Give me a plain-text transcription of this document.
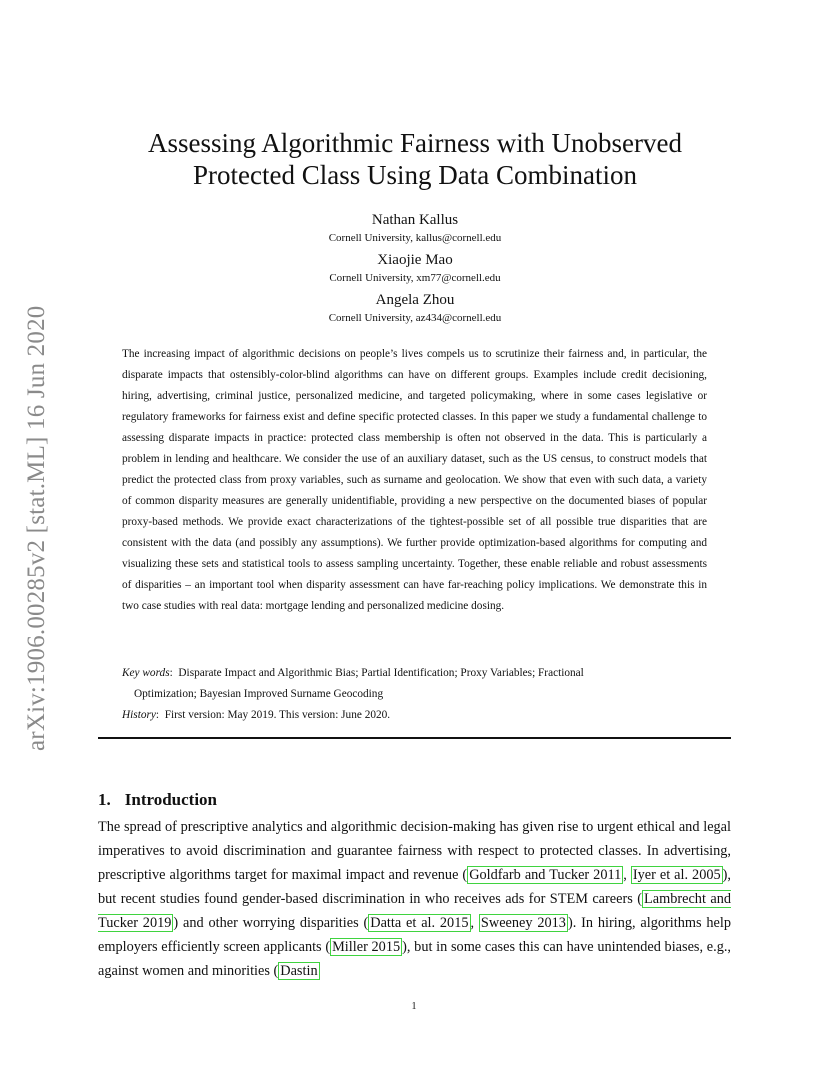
arXiv:1906.00285v2 [stat.ML] 16 Jun 2020
Assessing Algorithmic Fairness with Unobserved
Protected Class Using Data Combination
Nathan Kallus
Cornell University, kallus@cornell.edu
Xiaojie Mao
Cornell University, xm77@cornell.edu
Angela Zhou
Cornell University, az434@cornell.edu

The increasing impact of algorithmic decisions on people’s lives compels us to scrutinize their fairness and, in particular, the disparate impacts that ostensibly-color-blind algorithms can have on different groups. Examples include credit decisioning, hiring, advertising, criminal justice, personalized medicine, and targeted policymaking, where in some cases legislative or regulatory frameworks for fairness exist and define specific protected classes. In this paper we study a fundamental challenge to assessing disparate impacts in practice: protected class membership is often not observed in the data. This is particularly a problem in lending and healthcare. We consider the use of an auxiliary dataset, such as the US census, to construct models that predict the protected class from proxy variables, such as surname and geolocation. We show that even with such data, a variety of common disparity measures are generally unidentifiable, providing a new perspective on the documented biases of popular proxy-based methods. We provide exact characterizations of the tightest-possible set of all possible true disparities that are consistent with the data (and possibly any assumptions). We further provide optimization-based algorithms for computing and visualizing these sets and statistical tools to assess sampling uncertainty. Together, these enable reliable and robust assessments of disparities – an important tool when disparity assessment can have far-reaching policy implications. We demonstrate this in two case studies with real data: mortgage lending and personalized medicine dosing.

Key words:  Disparate Impact and Algorithmic Bias; Partial Identification; Proxy Variables; Fractional

Optimization; Bayesian Improved Surname Geocoding

History:  First version: May 2019. This version: June 2020.

1. Introduction

The spread of prescriptive analytics and algorithmic decision-making has given rise to urgent ethical and legal imperatives to avoid discrimination and guarantee fairness with respect to protected classes. In advertising, prescriptive algorithms target for maximal impact and revenue ( Goldfarb and Tucker 2011 , Iyer et al. 2005 ), but recent studies found gender-based discrimination in who receives ads for STEM careers ( Lambrecht and Tucker 2019 ) and other worrying disparities ( Datta et al. 2015 , Sweeney 2013 ). In hiring, algorithms help employers efficiently screen applicants ( Miller 2015 ), but in some cases this can have unintended biases, e.g., against women and minorities ( Dastin

1
